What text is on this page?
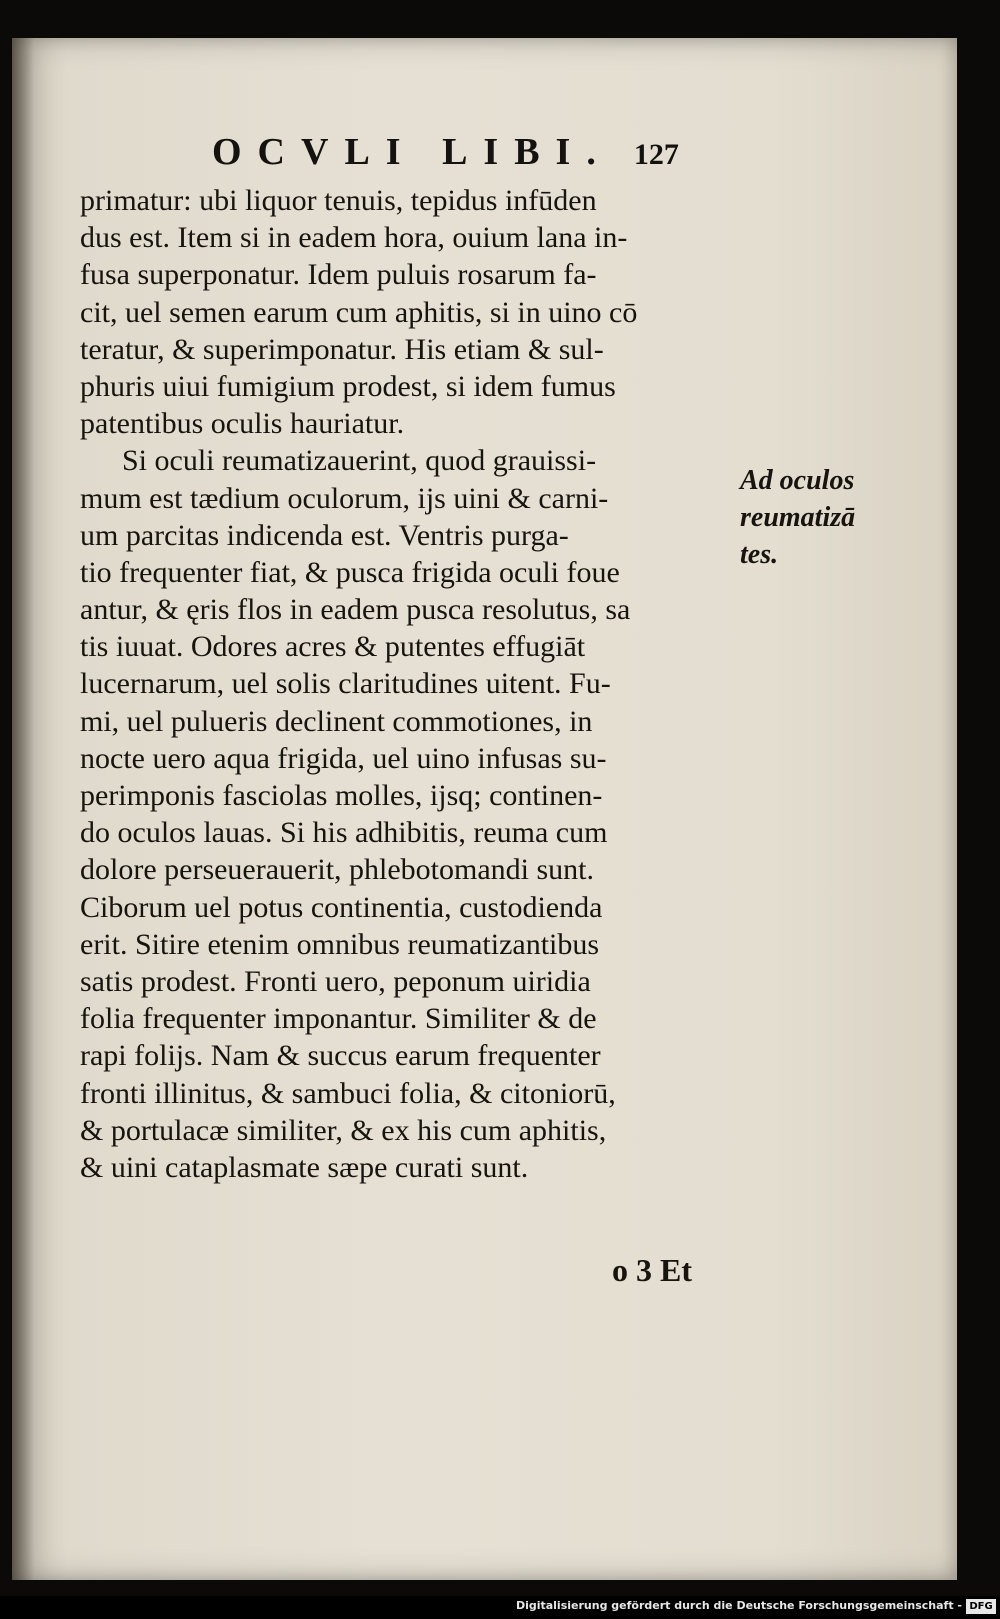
OCVLI LIBI. 127
primatur: ubi liquor tenuis, tepidus infūden
dus est. Item si in eadem hora, ouium lana in-
fusa superponatur. Idem puluis rosarum fa-
cit, uel semen earum cum aphitis, si in uino cō
teratur, & superimponatur. His etiam & sul-
phuris uiui fumigium prodest, si idem fumus
patentibus oculis hauriatur.
Si oculi reumatizauerint, quod grauissi-
mum est tædium oculorum, ijs uini & carni-
um parcitas indicenda est. Ventris purga-
tio frequenter fiat, & pusca frigida oculi foue
antur, & ęris flos in eadem pusca resolutus, sa
tis iuuat. Odores acres & putentes effugiāt
lucernarum, uel solis claritudines uitent. Fu-
mi, uel pulueris declinent commotiones, in
nocte uero aqua frigida, uel uino infusas su-
perimponis fasciolas molles, ijsq; continen-
do oculos lauas. Si his adhibitis, reuma cum
dolore perseuerauerit, phlebotomandi sunt.
Ciborum uel potus continentia, custodienda
erit. Sitire etenim omnibus reumatizantibus
satis prodest. Fronti uero, peponum uiridia
folia frequenter imponantur. Similiter & de
rapi folijs. Nam & succus earum frequenter
fronti illinitus, & sambuci folia, & citoniorū,
& portulacæ similiter, & ex his cum aphitis,
& uini cataplasmate sæpe curati sunt.
Ad oculos
reumatizā
tes.
o 3 Et
Digitalisierung gefördert durch die Deutsche Forschungsgemeinschaft - DFG
